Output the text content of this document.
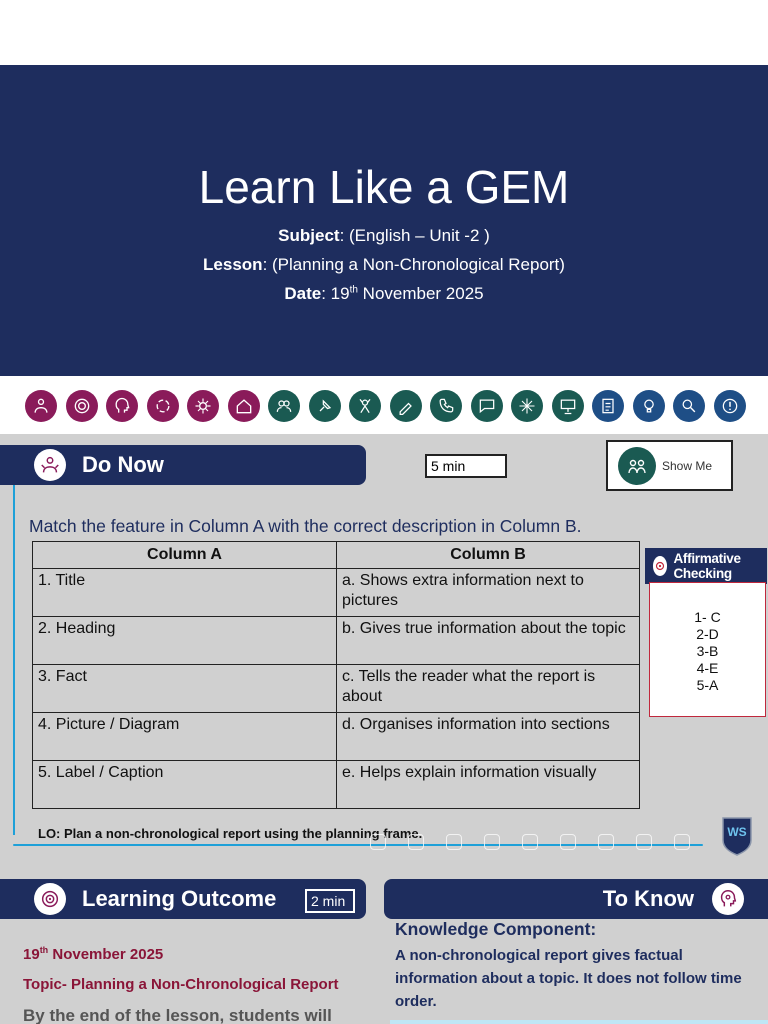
Learn Like a GEM
Subject: (English – Unit -2 )
Lesson: (Planning a Non-Chronological Report)
Date: 19th November 2025
Do Now	5 min	Show Me
Match the feature in Column A with the correct description in Column B.
Column A	Column B
1. Title	a. Shows extra information next to pictures
2. Heading	b. Gives true information about the topic
3. Fact	c. Tells the reader what the report is about
4. Picture / Diagram	d. Organises information into sections
5. Label / Caption	e. Helps explain information visually
Affirmative Checking
1- C
2-D
3-B
4-E
5-A
LO: Plan a non-chronological report using the planning frame.	WS
Learning Outcome	2 min	To Know
19th November 2025
Topic- Planning a Non-Chronological Report
By the end of the lesson, students will
Knowledge Component:
A non-chronological report gives factual information about a topic. It does not follow time order.
